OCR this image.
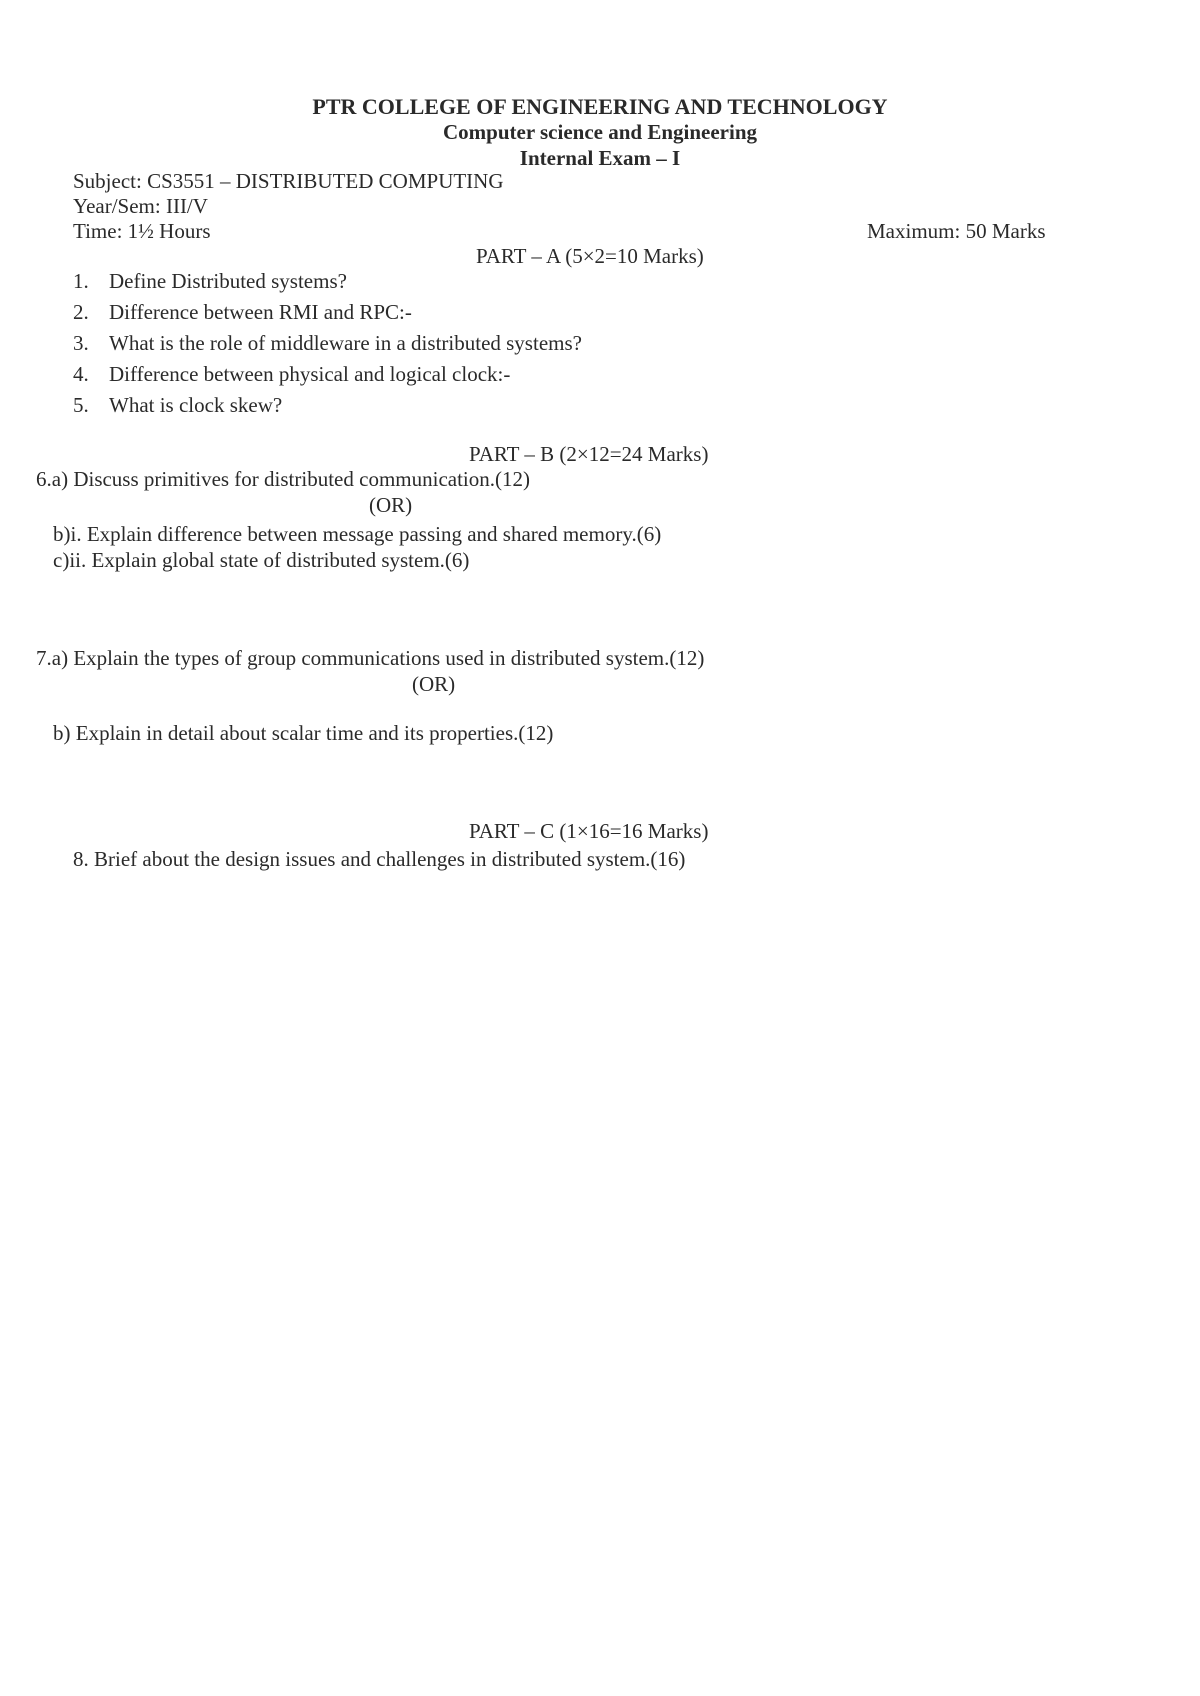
PTR COLLEGE OF ENGINEERING AND TECHNOLOGY
Computer science and Engineering
Internal Exam – I
Subject: CS3551 – DISTRIBUTED COMPUTING
Year/Sem: III/V
Time: 1½ Hours	Maximum: 50 Marks
PART – A (5×2=10 Marks)
1. Define Distributed systems?
2. Difference between RMI and RPC:-
3. What is the role of middleware in a distributed systems?
4. Difference between physical and logical clock:-
5. What is clock skew?
PART – B (2×12=24 Marks)
6.a) Discuss primitives for distributed communication.(12)
(OR)
b)i. Explain difference between message passing and shared memory.(6)
c)ii. Explain global state of distributed system.(6)
7.a) Explain the types of group communications used in distributed system.(12)
(OR)
b) Explain in detail about scalar time and its properties.(12)
PART – C (1×16=16 Marks)
8. Brief about the design issues and challenges in distributed system.(16)
